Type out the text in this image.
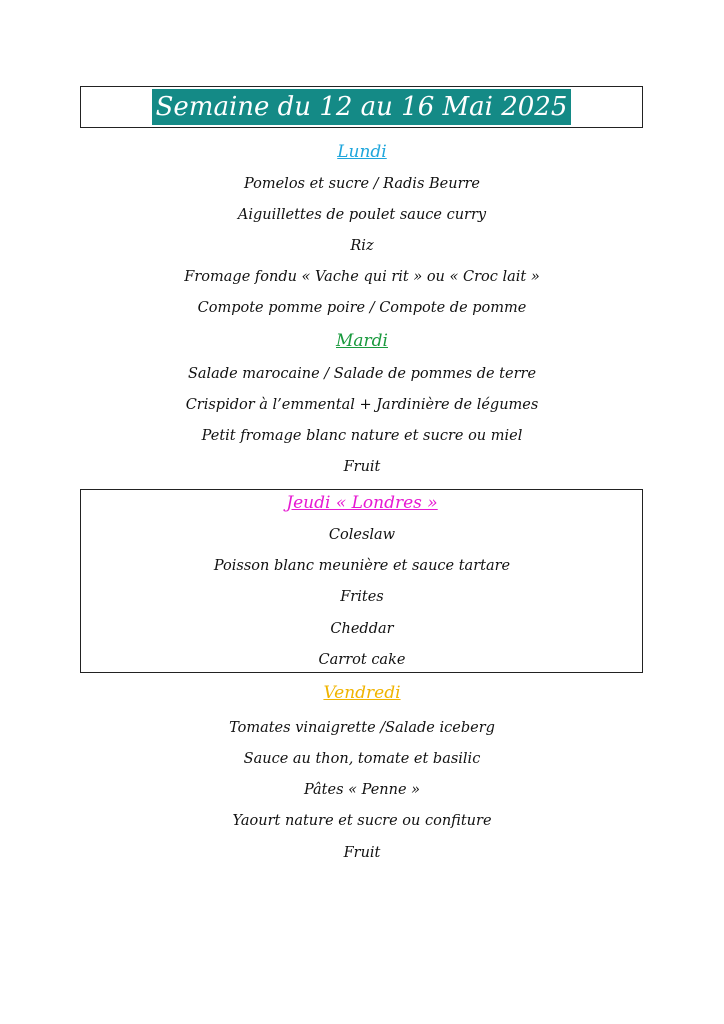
Semaine du 12 au 16 Mai 2025
Lundi
Pomelos et sucre / Radis Beurre
Aiguillettes de poulet sauce curry
Riz
Fromage fondu « Vache qui rit » ou « Croc lait »
Compote pomme poire / Compote de pomme
Mardi
Salade marocaine / Salade de pommes de terre
Crispidor à l’emmental + Jardinière de légumes
Petit fromage blanc nature et sucre ou miel
Fruit
Jeudi « Londres »
Coleslaw
Poisson blanc meunière et sauce tartare
Frites
Cheddar
Carrot cake
Vendredi
Tomates vinaigrette /Salade iceberg
Sauce au thon, tomate et basilic
Pâtes « Penne »
Yaourt nature et sucre ou confiture
Fruit
